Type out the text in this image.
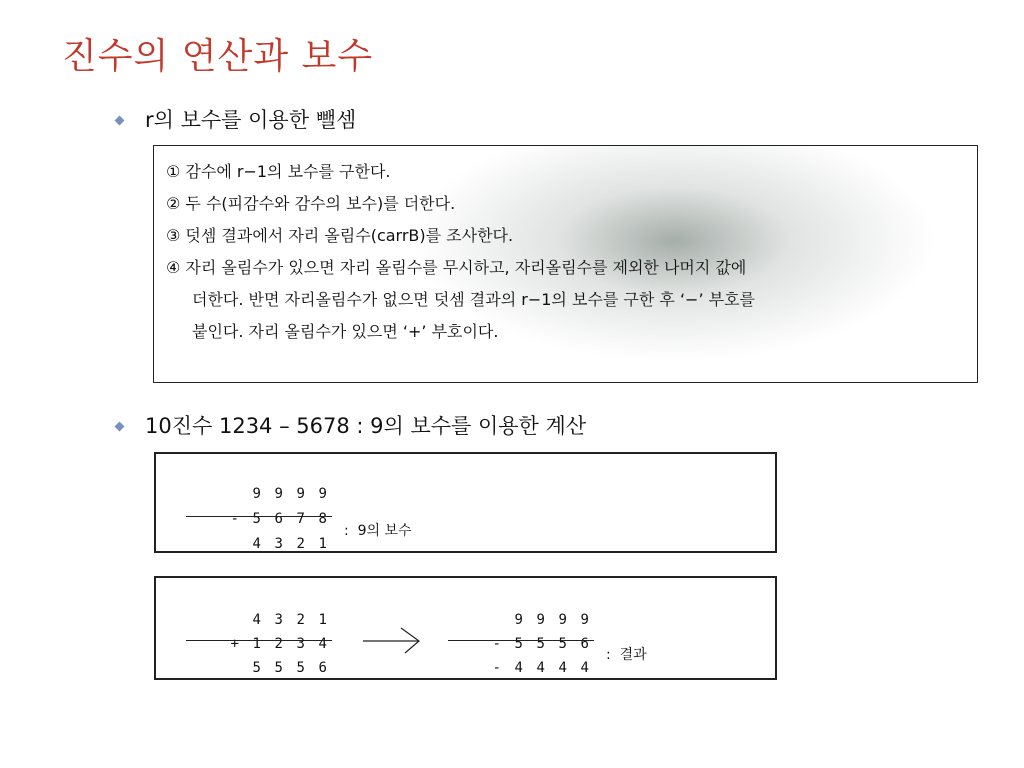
진수의 연산과 보수
r의 보수를 이용한 뺄셈
① 감수에 r−1의 보수를 구한다.
② 두 수(피감수와 감수의 보수)를 더한다.
③ 덧셈 결과에서 자리 올림수(carrB)를 조사한다.
④ 자리 올림수가 있으면 자리 올림수를 무시하고, 자리올림수를 제외한 나머지 값에
더한다. 반면 자리올림수가 없으면 덧셈 결과의 r−1의 보수를 구한 후 ‘−’ 부호를
붙인다. 자리 올림수가 있으면 ‘+’ 부호이다.
10진수 1234 – 5678 : 9의 보수를 이용한 계산

9 9 9 9

- 5 6 7 8

4 3 2 1

:  9의 보수

4 3 2 1

+ 1 2 3 4

5 5 5 6

9 9 9 9

- 5 5 5 6

- 4 4 4 4

:  결과
